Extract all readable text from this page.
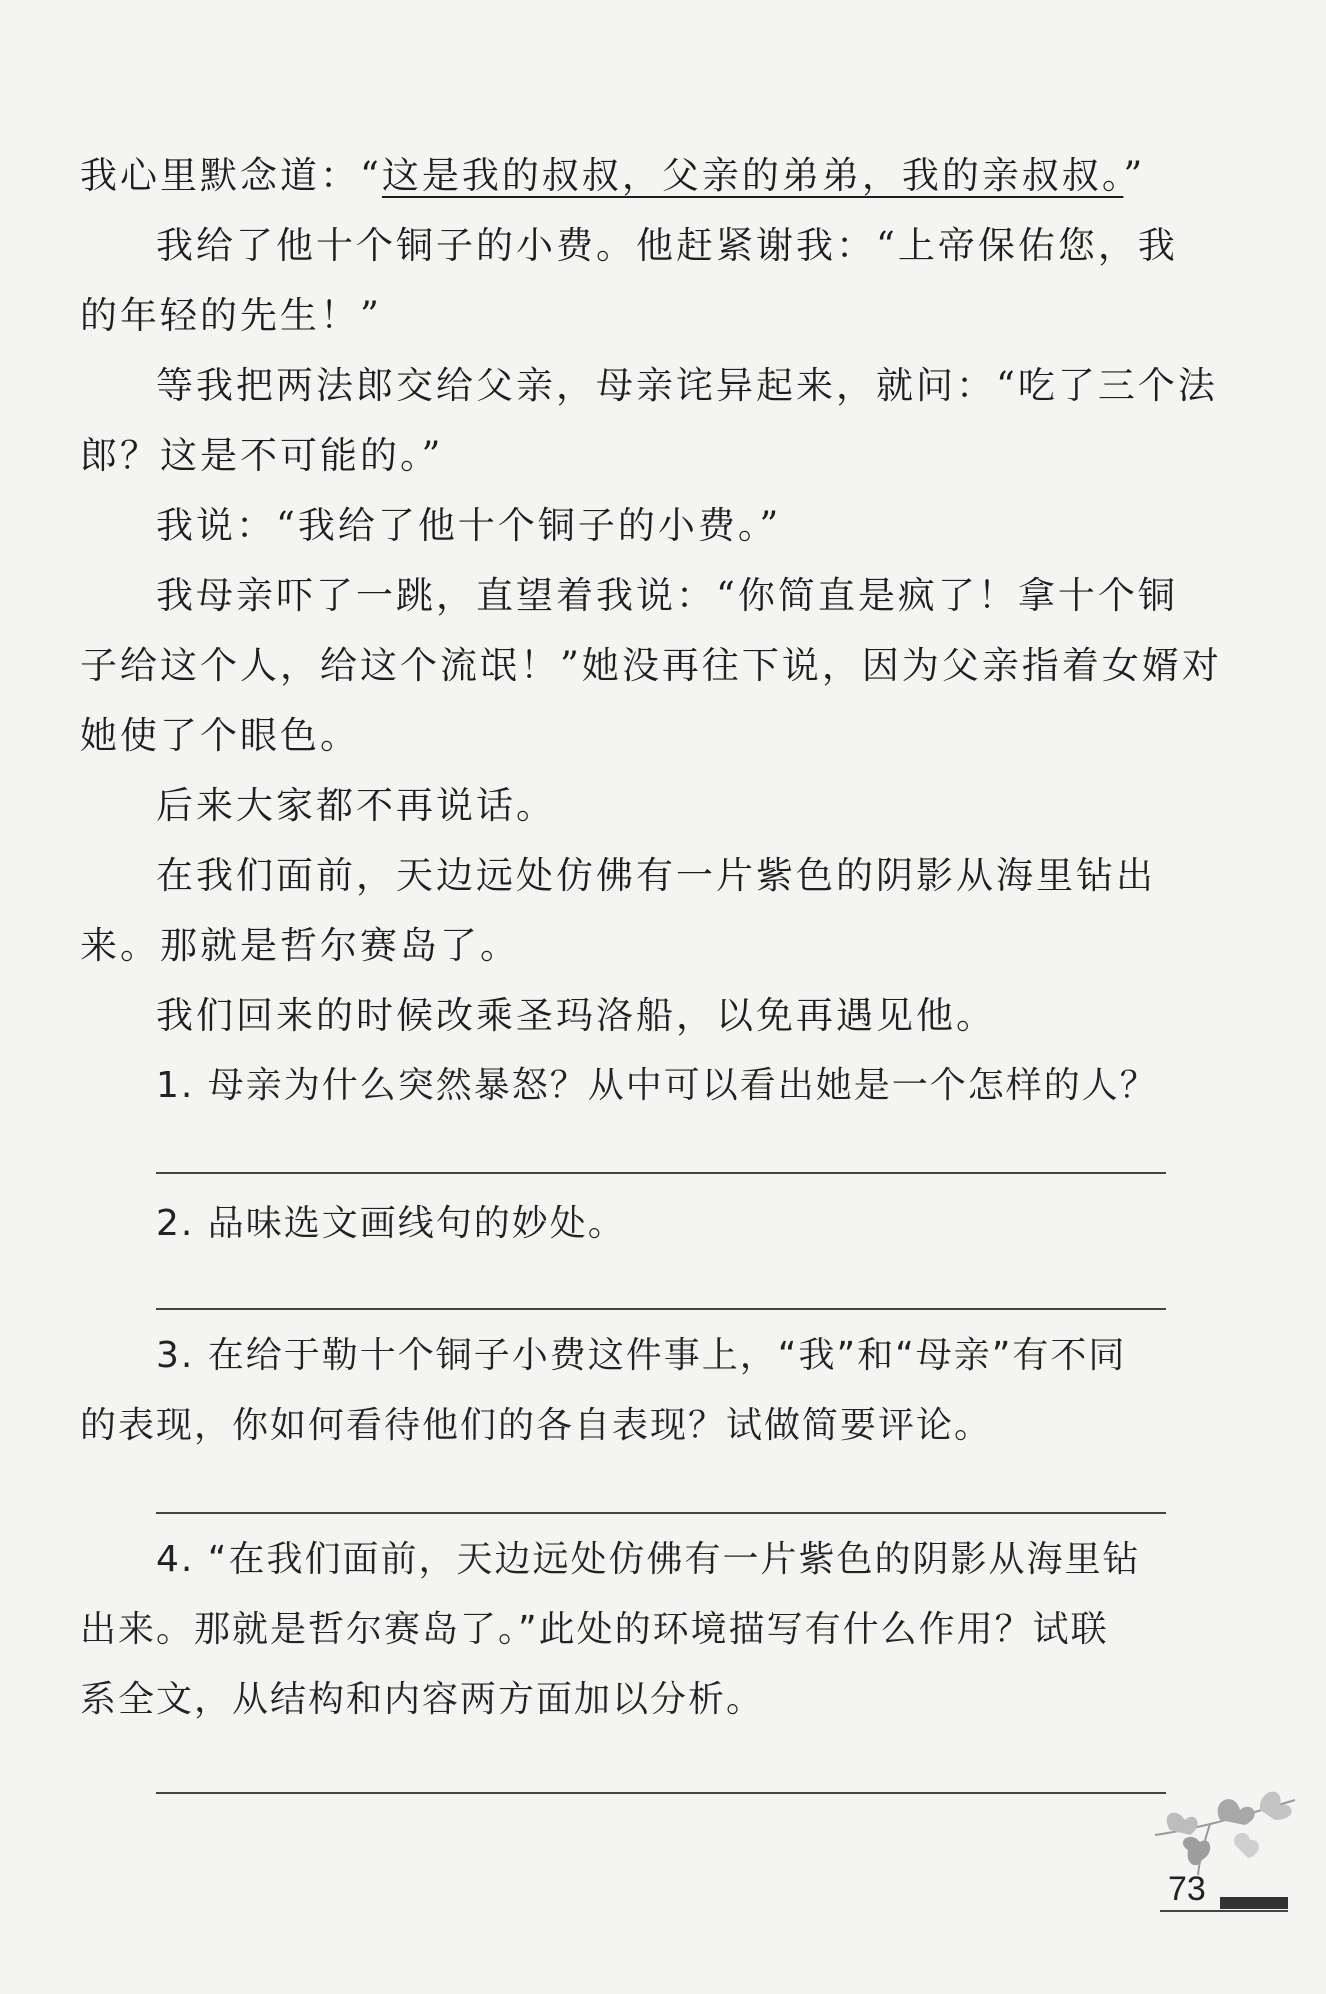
我心里默念道：“这是我的叔叔，父亲的弟弟，我的亲叔叔。”
我给了他十个铜子的小费。他赶紧谢我：“上帝保佑您，我
的年轻的先生！”
等我把两法郎交给父亲，母亲诧异起来，就问：“吃了三个法
郎？这是不可能的。”
我说：“我给了他十个铜子的小费。”
我母亲吓了一跳，直望着我说：“你简直是疯了！拿十个铜
子给这个人，给这个流氓！”她没再往下说，因为父亲指着女婿对
她使了个眼色。
后来大家都不再说话。
在我们面前，天边远处仿佛有一片紫色的阴影从海里钻出
来。那就是哲尔赛岛了。
我们回来的时候改乘圣玛洛船，以免再遇见他。
1. 母亲为什么突然暴怒？从中可以看出她是一个怎样的人？
2. 品味选文画线句的妙处。
3. 在给于勒十个铜子小费这件事上，“我”和“母亲”有不同
的表现，你如何看待他们的各自表现？试做简要评论。
4. “在我们面前，天边远处仿佛有一片紫色的阴影从海里钻
出来。那就是哲尔赛岛了。”此处的环境描写有什么作用？试联
系全文，从结构和内容两方面加以分析。
73
